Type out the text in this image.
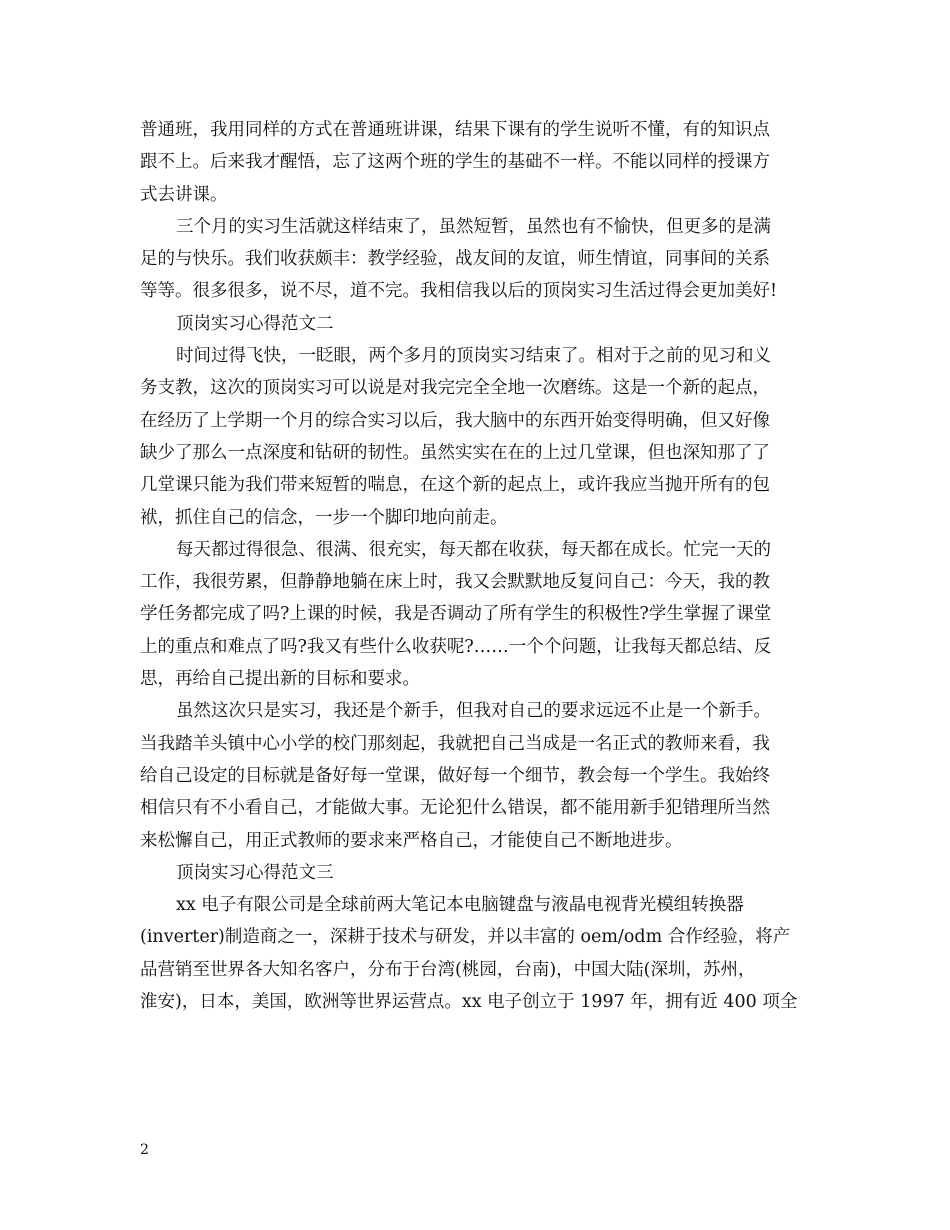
普通班，我用同样的方式在普通班讲课，结果下课有的学生说听不懂，有的知识点
跟不上。后来我才醒悟，忘了这两个班的学生的基础不一样。不能以同样的授课方
式去讲课。
三个月的实习生活就这样结束了，虽然短暂，虽然也有不愉快，但更多的是满
足的与快乐。我们收获颇丰：教学经验，战友间的友谊，师生情谊，同事间的关系
等等。很多很多，说不尽，道不完。我相信我以后的顶岗实习生活过得会更加美好!
顶岗实习心得范文二
时间过得飞快，一眨眼，两个多月的顶岗实习结束了。相对于之前的见习和义
务支教，这次的顶岗实习可以说是对我完完全全地一次磨练。这是一个新的起点，
在经历了上学期一个月的综合实习以后，我大脑中的东西开始变得明确，但又好像
缺少了那么一点深度和钻研的韧性。虽然实实在在的上过几堂课，但也深知那了了
几堂课只能为我们带来短暂的喘息，在这个新的起点上，或许我应当抛开所有的包
袱，抓住自己的信念，一步一个脚印地向前走。
每天都过得很急、很满、很充实，每天都在收获，每天都在成长。忙完一天的
工作，我很劳累，但静静地躺在床上时，我又会默默地反复问自己：今天，我的教
学任务都完成了吗?上课的时候，我是否调动了所有学生的积极性?学生掌握了课堂
上的重点和难点了吗?我又有些什么收获呢?……一个个问题，让我每天都总结、反
思，再给自己提出新的目标和要求。
虽然这次只是实习，我还是个新手，但我对自己的要求远远不止是一个新手。
当我踏羊头镇中心小学的校门那刻起，我就把自己当成是一名正式的教师来看，我
给自己设定的目标就是备好每一堂课，做好每一个细节，教会每一个学生。我始终
相信只有不小看自己，才能做大事。无论犯什么错误，都不能用新手犯错理所当然
来松懈自己，用正式教师的要求来严格自己，才能使自己不断地进步。
顶岗实习心得范文三
xx 电子有限公司是全球前两大笔记本电脑键盘与液晶电视背光模组转换器
(inverter)制造商之一，深耕于技术与研发，并以丰富的 oem/odm 合作经验，将产
品营销至世界各大知名客户，分布于台湾(桃园，台南)，中国大陆(深圳，苏州，
淮安)，日本，美国，欧洲等世界运营点。xx 电子创立于 1997 年，拥有近 400 项全
2
